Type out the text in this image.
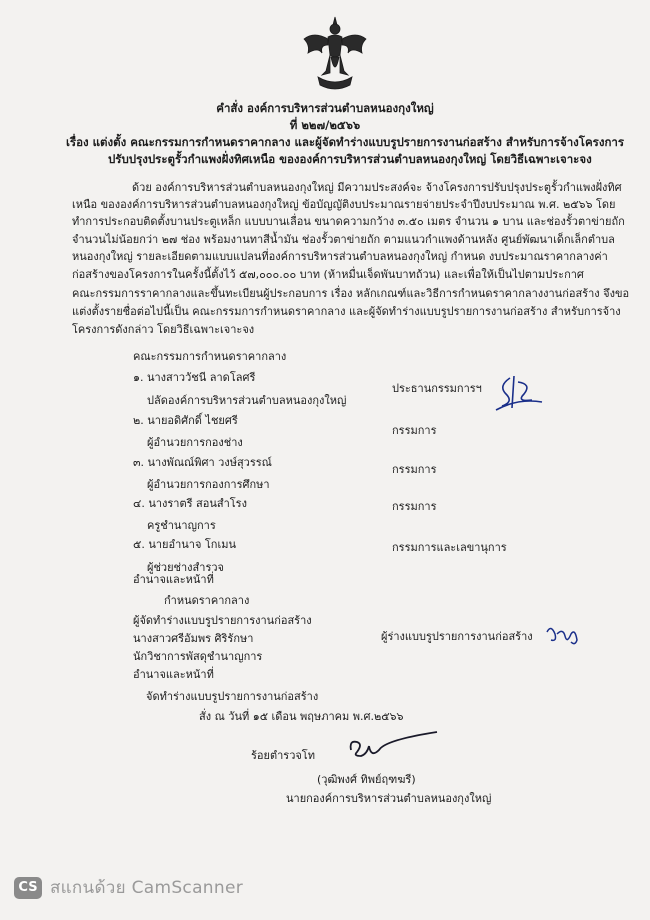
คำสั่ง องค์การบริหารส่วนตำบลหนองกุงใหญ่
ที่ ๒๒๗/๒๕๖๖
เรื่อง แต่งตั้ง คณะกรรมการกำหนดราคากลาง และผู้จัดทำร่างแบบรูปรายการงานก่อสร้าง สำหรับการจ้างโครงการ
ปรับปรุงประตูรั้วกำแพงฝั่งทิศเหนือ ขององค์การบริหารส่วนตำบลหนองกุงใหญ่ โดยวิธีเฉพาะเจาะจง
ด้วย องค์การบริหารส่วนตำบลหนองกุงใหญ่ มีความประสงค์จะ จ้างโครงการปรับปรุงประตูรั้วกำแพงฝั่งทิศ
เหนือ ขององค์การบริหารส่วนตำบลหนองกุงใหญ่ ข้อบัญญัติงบประมาณรายจ่ายประจำปีงบประมาณ พ.ศ. ๒๕๖๖ โดย
ทำการประกอบติดตั้งบานประตูเหล็ก แบบบานเลื่อน ขนาดความกว้าง ๓.๕๐ เมตร จำนวน ๑ บาน และช่องรั้วตาข่ายถัก
จำนวนไม่น้อยกว่า ๒๗ ช่อง พร้อมงานทาสีน้ำมัน ช่องรั้วตาข่ายถัก ตามแนวกำแพงด้านหลัง ศูนย์พัฒนาเด็กเล็กตำบล
หนองกุงใหญ่ รายละเอียดตามแบบแปลนที่องค์การบริหารส่วนตำบลหนองกุงใหญ่ กำหนด งบประมาณราคากลางค่า
ก่อสร้างของโครงการในครั้งนี้ตั้งไว้ ๕๗,๐๐๐.๐๐ บาท (ห้าหมื่นเจ็ดพันบาทถ้วน) และเพื่อให้เป็นไปตามประกาศ
คณะกรรมการราคากลางและขึ้นทะเบียนผู้ประกอบการ เรื่อง หลักเกณฑ์และวิธีการกำหนดราคากลางงานก่อสร้าง จึงขอ
แต่งตั้งรายชื่อต่อไปนี้เป็น คณะกรรมการกำหนดราคากลาง และผู้จัดทำร่างแบบรูปรายการงานก่อสร้าง สำหรับการจ้าง
โครงการดังกล่าว โดยวิธีเฉพาะเจาะจง
คณะกรรมการกำหนดราคากลาง
๑. นางสาววัชนี ลาดโลศรี
ปลัดองค์การบริหารส่วนตำบลหนองกุงใหญ่
ประธานกรรมการฯ
๒. นายอดิศักดิ์ ไชยศรี
ผู้อำนวยการกองช่าง
กรรมการ
๓. นางพัณณ์พิศา วงษ์สุวรรณ์
ผู้อำนวยการกองการศึกษา
กรรมการ
๔. นางราตรี สอนสำโรง
ครูชำนาญการ
กรรมการ
๕. นายอำนาจ โกเมน
ผู้ช่วยช่างสำรวจ
กรรมการและเลขานุการ
อำนาจและหน้าที่
กำหนดราคากลาง
ผู้จัดทำร่างแบบรูปรายการงานก่อสร้าง
นางสาวศรีอัมพร ศิริรักษา
นักวิชาการพัสดุชำนาญการ
ผู้ร่างแบบรูปรายการงานก่อสร้าง
อำนาจและหน้าที่
จัดทำร่างแบบรูปรายการงานก่อสร้าง
สั่ง ณ วันที่ ๑๕ เดือน พฤษภาคม พ.ศ.๒๕๖๖
ร้อยตำรวจโท
(วุฒิพงศ์ ทิพย์ฤฑฆรี)
นายกองค์การบริหารส่วนตำบลหนองกุงใหญ่
CS สแกนด้วย CamScanner
